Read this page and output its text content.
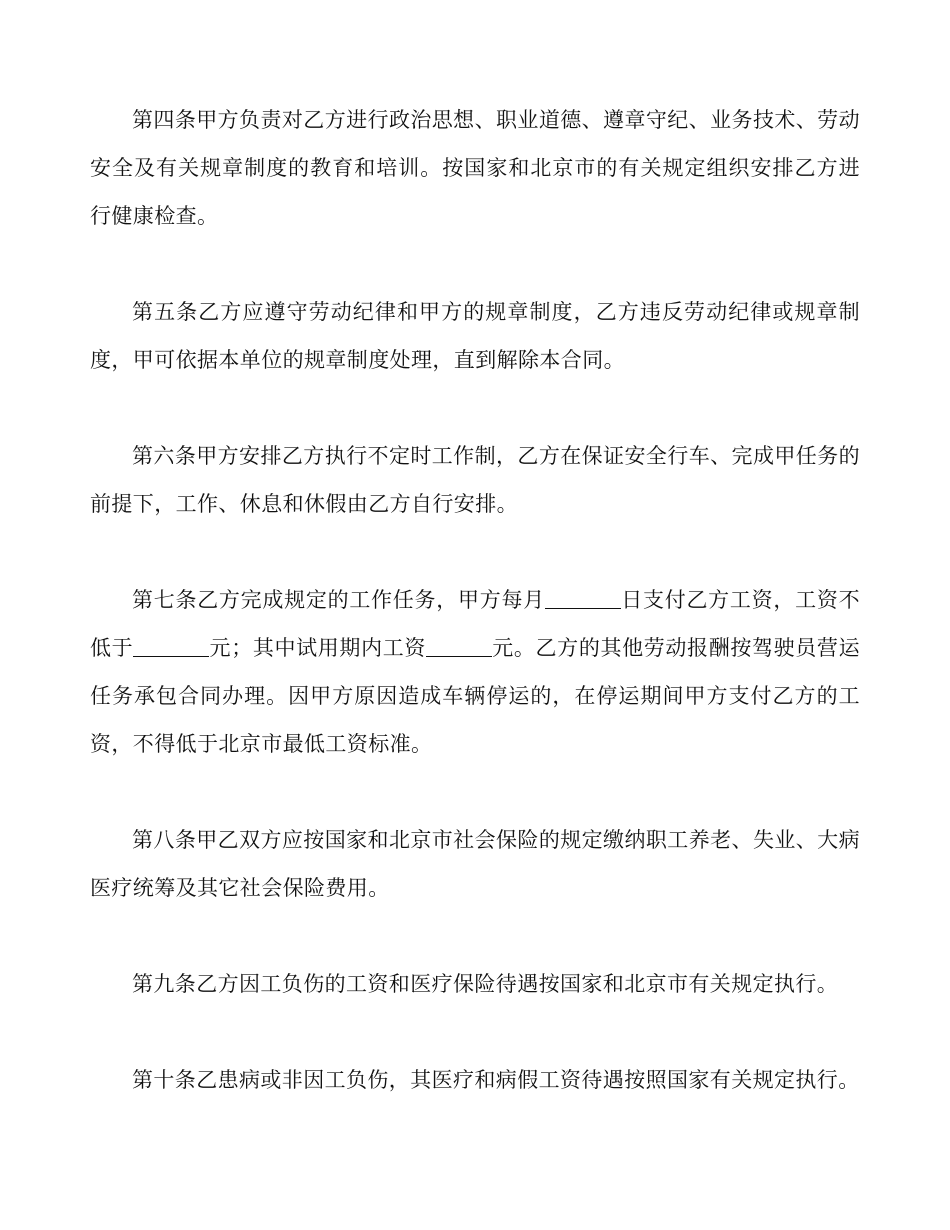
第四条甲方负责对乙方进行政治思想、职业道德、遵章守纪、业务技术、劳动安全及有关规章制度的教育和培训。按国家和北京市的有关规定组织安排乙方进行健康检查。

第五条乙方应遵守劳动纪律和甲方的规章制度，乙方违反劳动纪律或规章制度，甲可依据本单位的规章制度处理，直到解除本合同。

第六条甲方安排乙方执行不定时工作制，乙方在保证安全行车、完成甲任务的前提下，工作、休息和休假由乙方自行安排。

第七条乙方完成规定的工作任务，甲方每月	日支付乙方工资，工资不低于	元；其中试用期内工资	元。乙方的其他劳动报酬按驾驶员营运任务承包合同办理。因甲方原因造成车辆停运的，在停运期间甲方支付乙方的工资，不得低于北京市最低工资标准。

第八条甲乙双方应按国家和北京市社会保险的规定缴纳职工养老、失业、大病医疗统筹及其它社会保险费用。

第九条乙方因工负伤的工资和医疗保险待遇按国家和北京市有关规定执行。

第十条乙患病或非因工负伤，其医疗和病假工资待遇按照国家有关规定执行。
